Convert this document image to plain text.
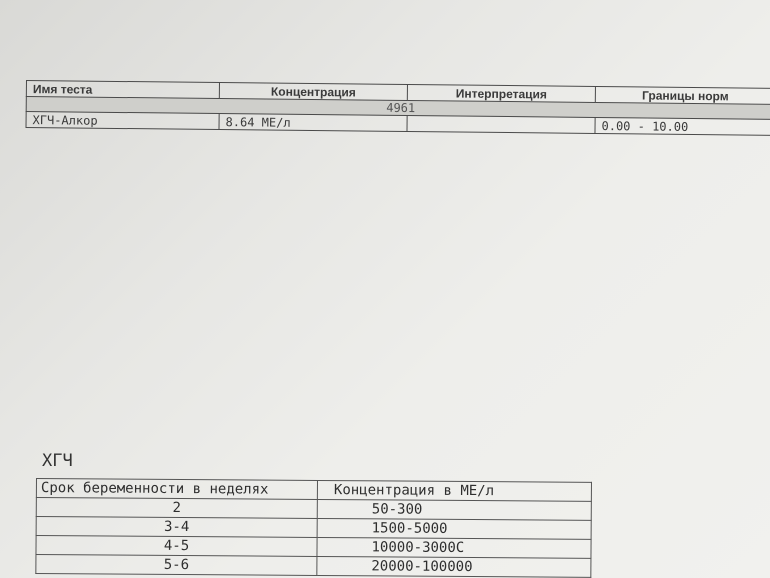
Имя теста	Концентрация	Интерпретация	Границы норм
4961			
ХГЧ-Алкор	8.64 МЕ/л		0.00 - 10.00
ХГЧ
Срок беременности в неделях	Концентрация в МЕ/л
2	50-300
3-4	1500-5000
4-5	10000-3000C
5-6	20000-100000
